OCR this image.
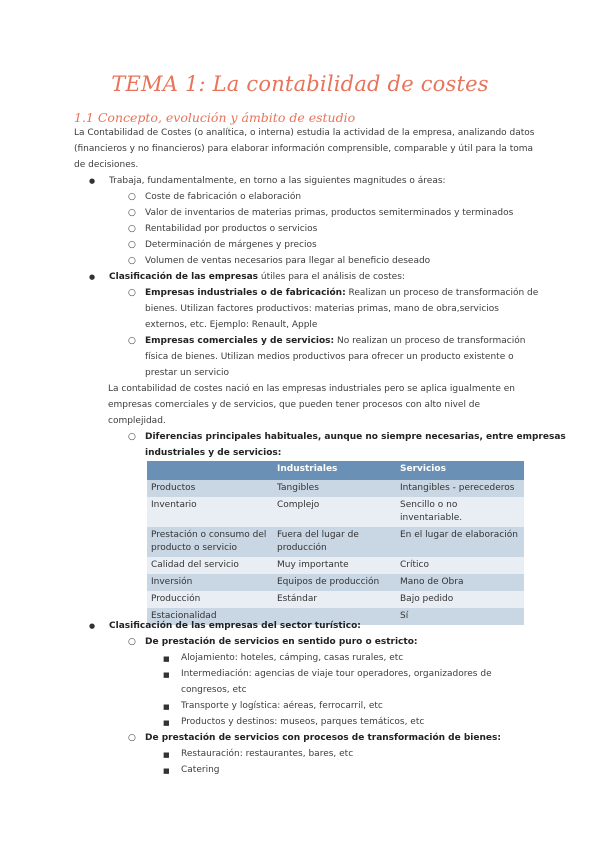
TEMA 1: La contabilidad de costes
1.1 Concepto, evolución y ámbito de estudio
La Contabilidad de Costes (o analítica, o interna) estudia la actividad de la empresa, analizando datos
(financieros y no financieros) para elaborar información comprensible, comparable y útil para la toma
de decisiones.
● Trabaja, fundamentalmente, en torno a las siguientes magnitudes o áreas:
○ Coste de fabricación o elaboración
○ Valor de inventarios de materias primas, productos semiterminados y terminados
○ Rentabilidad por productos o servicios
○ Determinación de márgenes y precios
○ Volumen de ventas necesarios para llegar al beneficio deseado
● Clasificación de las empresas útiles para el análisis de costes:
○ Empresas industriales o de fabricación: Realizan un proceso de transformación de
bienes. Utilizan factores productivos: materias primas, mano de obra,servicios
externos, etc. Ejemplo: Renault, Apple
○ Empresas comerciales y de servicios: No realizan un proceso de transformación
física de bienes. Utilizan medios productivos para ofrecer un producto existente o
prestar un servicio
La contabilidad de costes nació en las empresas industriales pero se aplica igualmente en
empresas comerciales y de servicios, que pueden tener procesos con alto nivel de
complejidad.
○ Diferencias principales habituales, aunque no siempre necesarias, entre empresas
industriales y de servicios:
	Industriales	Servicios
Productos	Tangibles	Intangibles - perecederos
Inventario	Complejo	Sencillo o no inventariable.
Prestación o consumo del producto o servicio	Fuera del lugar de producción	En el lugar de elaboración
Calidad del servicio	Muy importante	Crítico
Inversión	Equipos de producción	Mano de Obra
Producción	Estándar	Bajo pedido
Estacionalidad		Sí
● Clasificación de las empresas del sector turístico:
○ De prestación de servicios en sentido puro o estricto:
■ Alojamiento: hoteles, cámping, casas rurales, etc
■ Intermediación: agencias de viaje tour operadores, organizadores de
congresos, etc
■ Transporte y logística: aéreas, ferrocarril, etc
■ Productos y destinos: museos, parques temáticos, etc
○ De prestación de servicios con procesos de transformación de bienes:
■ Restauración: restaurantes, bares, etc
■ Catering
